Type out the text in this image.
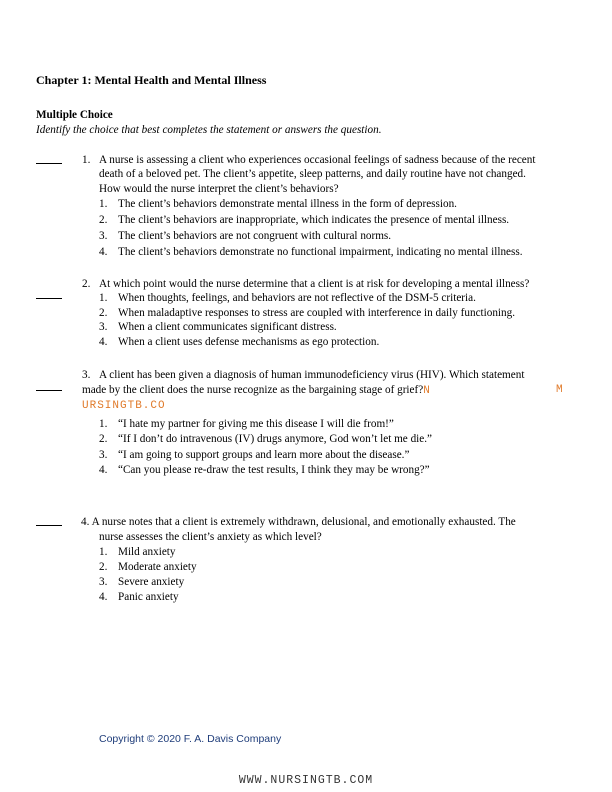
Chapter 1: Mental Health and Mental Illness
Multiple Choice
Identify the choice that best completes the statement or answers the question.
1. A nurse is assessing a client who experiences occasional feelings of sadness because of the recent
death of a beloved pet. The client’s appetite, sleep patterns, and daily routine have not changed.
How would the nurse interpret the client’s behaviors?
1. The client’s behaviors demonstrate mental illness in the form of depression.
2. The client’s behaviors are inappropriate, which indicates the presence of mental illness.
3. The client’s behaviors are not congruent with cultural norms.
4. The client’s behaviors demonstrate no functional impairment, indicating no mental illness.
2. At which point would the nurse determine that a client is at risk for developing a mental illness?
1. When thoughts, feelings, and behaviors are not reflective of the DSM-5 criteria.
2. When maladaptive responses to stress are coupled with interference in daily functioning.
3. When a client communicates significant distress.
4. When a client uses defense mechanisms as ego protection.
3. A client has been given a diagnosis of human immunodeficiency virus (HIV). Which statement
made by the client does the nurse recognize as the bargaining stage of grief?N	M
URSINGTB.CO
1. “I hate my partner for giving me this disease I will die from!”
2. “If I don’t do intravenous (IV) drugs anymore, God won’t let me die.”
3. “I am going to support groups and learn more about the disease.”
4. “Can you please re-draw the test results, I think they may be wrong?”
4. A nurse notes that a client is extremely withdrawn, delusional, and emotionally exhausted. The
nurse assesses the client’s anxiety as which level?
1. Mild anxiety
2. Moderate anxiety
3. Severe anxiety
4. Panic anxiety
Copyright © 2020 F. A. Davis Company
WWW.NURSINGTB.COM
